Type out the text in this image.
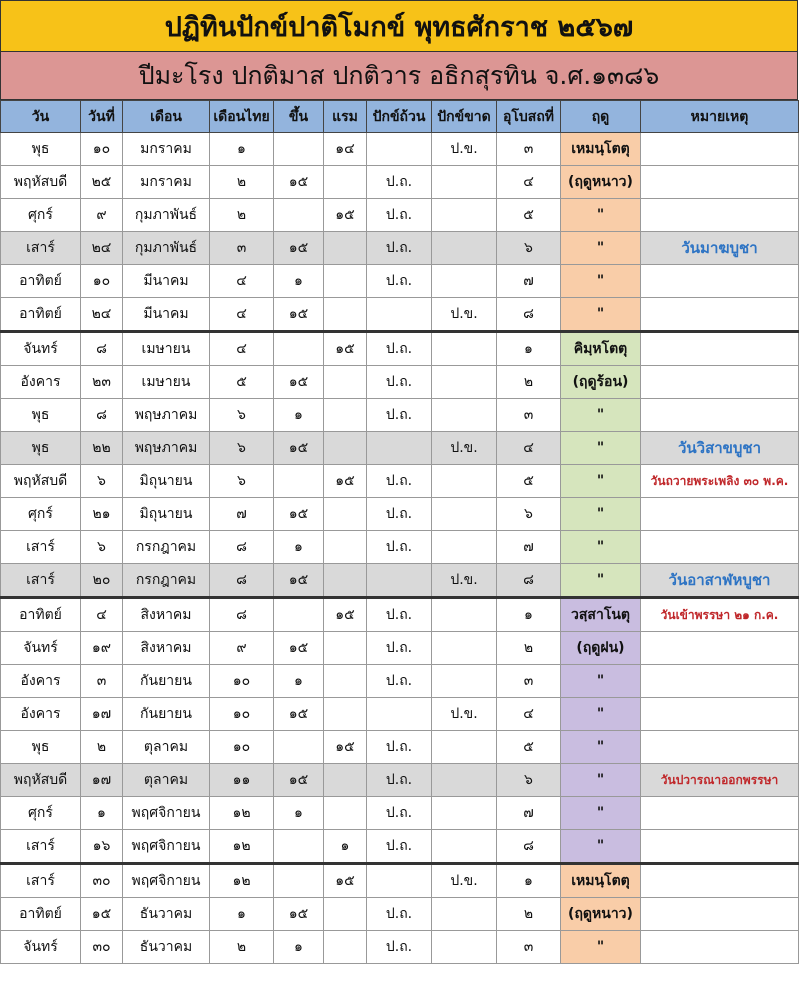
ปฏิทินปักข์ปาติโมกข์ พุทธศักราช ๒๕๖๗
ปีมะโรง ปกติมาส ปกติวาร อธิกสุรทิน จ.ศ.๑๓๘๖
วัน	วันที่	เดือน	เดือนไทย	ขึ้น	แรม	ปักข์ถ้วน	ปักข์ขาด	อุโบสถที่	ฤดู	หมายเหตุ
พุธ	๑๐	มกราคม	๑		๑๔		ป.ข.	๓	เหมนฺโตตุ	
พฤหัสบดี	๒๕	มกราคม	๒	๑๕		ป.ถ.		๔	(ฤดูหนาว)	
ศุกร์	๙	กุมภาพันธ์	๒		๑๕	ป.ถ.		๕	"	
เสาร์	๒๔	กุมภาพันธ์	๓	๑๕		ป.ถ.		๖	"	วันมาฆบูชา
อาทิตย์	๑๐	มีนาคม	๔	๑		ป.ถ.		๗	"	
อาทิตย์	๒๔	มีนาคม	๔	๑๕			ป.ข.	๘	"	
จันทร์	๘	เมษายน	๔		๑๕	ป.ถ.		๑	คิมฺหโตตุ	
อังคาร	๒๓	เมษายน	๕	๑๕		ป.ถ.		๒	(ฤดูร้อน)	
พุธ	๘	พฤษภาคม	๖	๑		ป.ถ.		๓	"	
พุธ	๒๒	พฤษภาคม	๖	๑๕			ป.ข.	๔	"	วันวิสาขบูชา
พฤหัสบดี	๖	มิถุนายน	๖		๑๕	ป.ถ.		๕	"	วันถวายพระเพลิง ๓๐ พ.ค.
ศุกร์	๒๑	มิถุนายน	๗	๑๕		ป.ถ.		๖	"	
เสาร์	๖	กรกฎาคม	๘	๑		ป.ถ.		๗	"	
เสาร์	๒๐	กรกฎาคม	๘	๑๕			ป.ข.	๘	"	วันอาสาฬหบูชา
อาทิตย์	๔	สิงหาคม	๘		๑๕	ป.ถ.		๑	วสฺสาโนตุ	วันเข้าพรรษา ๒๑ ก.ค.
จันทร์	๑๙	สิงหาคม	๙	๑๕		ป.ถ.		๒	(ฤดูฝน)	
อังคาร	๓	กันยายน	๑๐	๑		ป.ถ.		๓	"	
อังคาร	๑๗	กันยายน	๑๐	๑๕			ป.ข.	๔	"	
พุธ	๒	ตุลาคม	๑๐		๑๕	ป.ถ.		๕	"	
พฤหัสบดี	๑๗	ตุลาคม	๑๑	๑๕		ป.ถ.		๖	"	วันปวารณาออกพรรษา
ศุกร์	๑	พฤศจิกายน	๑๒	๑		ป.ถ.		๗	"	
เสาร์	๑๖	พฤศจิกายน	๑๒		๑	ป.ถ.		๘	"	
เสาร์	๓๐	พฤศจิกายน	๑๒		๑๕		ป.ข.	๑	เหมนฺโตตุ	
อาทิตย์	๑๕	ธันวาคม	๑	๑๕		ป.ถ.		๒	(ฤดูหนาว)	
จันทร์	๓๐	ธันวาคม	๒	๑		ป.ถ.		๓	"	
